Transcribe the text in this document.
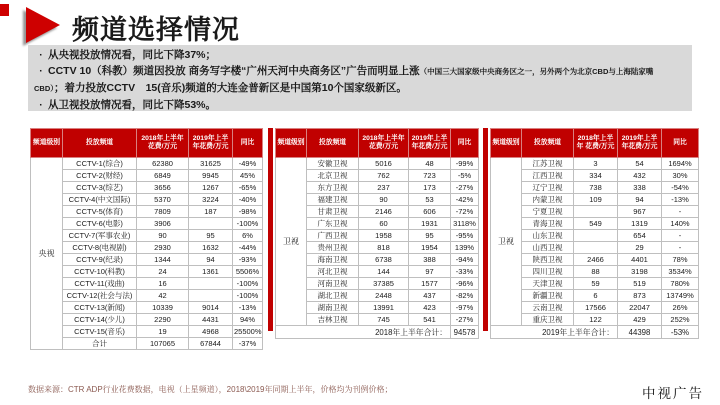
频道选择情况
· 从央视投放情况看，同比下降37%；
· CCTV 10（科教）频道因投放 商务写字楼“广州天河中央商务区”广告而明显上涨（中国三大国家级中央商务区之一，另外两个为北京CBD与上海陆家嘴
CBD）；着力投放CCTV　15(音乐)频道的大连金普新区是中国第10个国家级新区。
· 从卫视投放情况看，同比下降53%。
频道级别	投放频道	2018年上半年花费/万元	2019年上半年花费/万元	同比
央视	CCTV-1(综合)	62380	31625	-49%
	CCTV-2(财经)	6849	9945	45%
	CCTV-3(综艺)	3656	1267	-65%
	CCTV-4(中文国际)	5370	3224	-40%
	CCTV-5(体育)	7809	187	-98%
	CCTV-6(电影)	3906		-100%
	CCTV-7(军事农业)	90	95	6%
	CCTV-8(电视剧)	2930	1632	-44%
	CCTV-9(纪录)	1344	94	-93%
	CCTV-10(科教)	24	1361	5506%
	CCTV-11(戏曲)	16		-100%
	CCTV-12(社会与法)	42		-100%
	CCTV-13(新闻)	10339	9014	-13%
	CCTV-14(少儿)	2290	4431	94%
	CCTV-15(音乐)	19	4968	25500%
	合计	107065	67844	-37%
频道级别	投放频道	2018年上半年 花费/万元	2019年上半年花费/万元	同比
卫视	安徽卫视	5016	48	-99%
	北京卫视	762	723	-5%
	东方卫视	237	173	-27%
	福建卫视	90	53	-42%
	甘肃卫视	2146	606	-72%
	广东卫视	60	1931	3118%
	广西卫视	1958	95	-95%
	贵州卫视	818	1954	139%
	海南卫视	6738	388	-94%
	河北卫视	144	97	-33%
	河南卫视	37385	1577	-96%
	湖北卫视	2448	437	-82%
	湖南卫视	13991	423	-97%
	吉林卫视	745	541	-27%
2018年上半年合计：				94578
频道级别	投放频道	2018年上半年 花费/万元	2019年上半年花费/万元	同比
卫视	江苏卫视	3	54	1694%
	江西卫视	334	432	30%
	辽宁卫视	738	338	-54%
	内蒙卫视	109	94	-13%
	宁夏卫视		967	-
	青海卫视	549	1319	140%
	山东卫视		654	-
	山西卫视		29	-
	陕西卫视	2466	4401	78%
	四川卫视	88	3198	3534%
	天津卫视	59	519	780%
	新疆卫视	6	873	13749%
	云南卫视	17566	22047	26%
	重庆卫视	122	429	252%
2019年上半年合计：			44398	-53%
数据来源：CTR ADP行业花费数据，电视（上星频道），2018\2019年同期上半年，价格均为刊例价格；	中视广告
